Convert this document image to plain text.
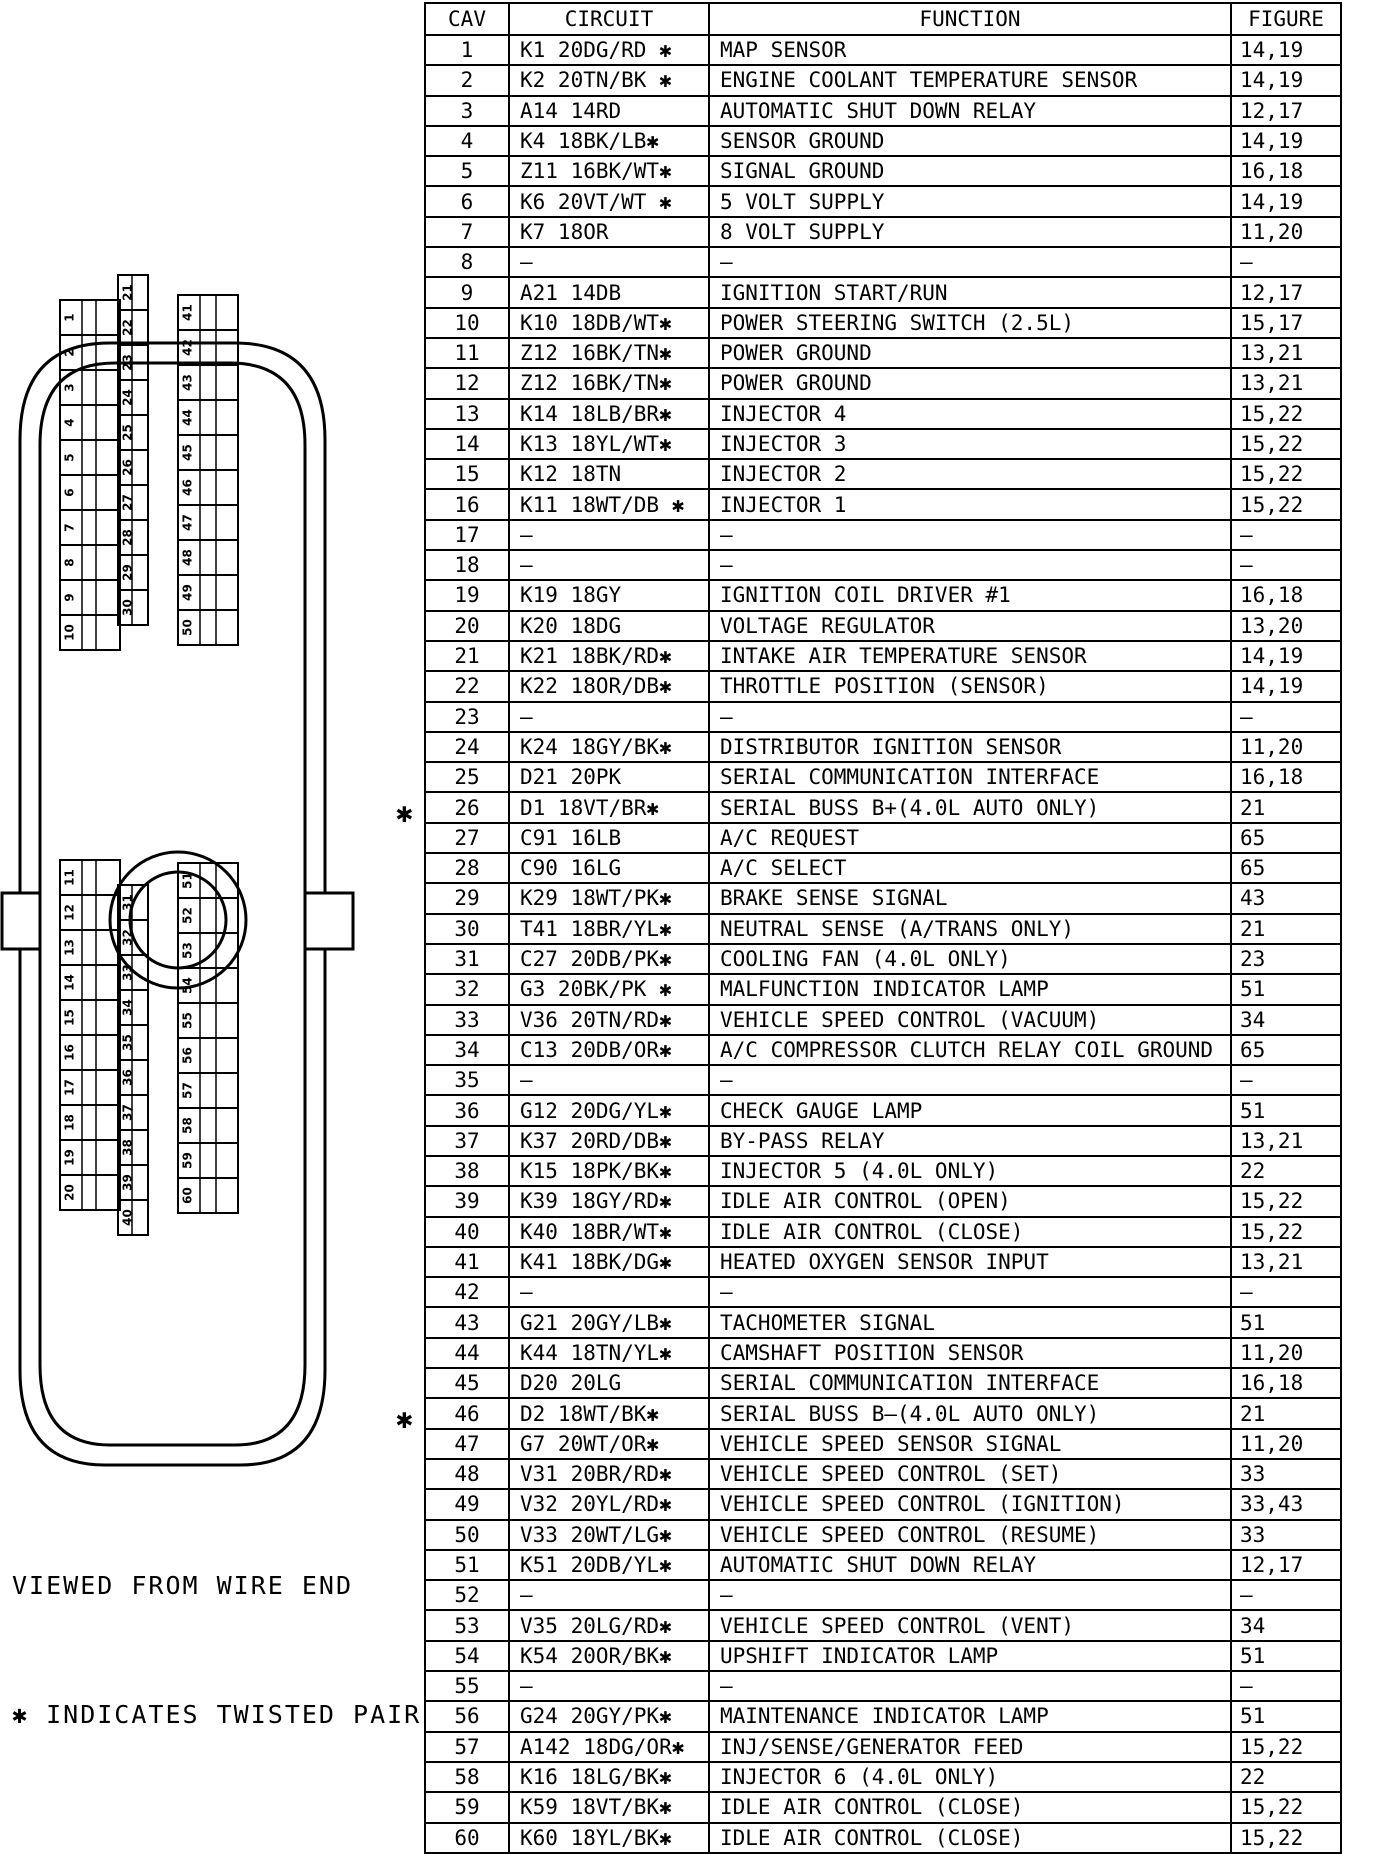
1
2
3
4
5
6
7
8
9
10
21
22
23
24
25
26
27
28
29
30
41
42
43
44
45
46
47
48
49
50
11
12
13
14
15
16
17
18
19
20
31
32
33
34
35
36
37
38
39
40
51
52
53
54
55
56
57
58
59
60
VIEWED FROM WIRE END
✱ INDICATES TWISTED PAIR
✱
✱
CAV	CIRCUIT	FUNCTION	FIGURE
1	K1 20DG/RD ✱	MAP SENSOR	14,19
2	K2 20TN/BK ✱	ENGINE COOLANT TEMPERATURE SENSOR	14,19
3	A14 14RD	AUTOMATIC SHUT DOWN RELAY	12,17
4	K4 18BK/LB✱	SENSOR GROUND	14,19
5	Z11 16BK/WT✱	SIGNAL GROUND	16,18
6	K6 20VT/WT ✱	5 VOLT SUPPLY	14,19
7	K7 18OR	8 VOLT SUPPLY	11,20
8	—	—	—
9	A21 14DB	IGNITION START/RUN	12,17
10	K10 18DB/WT✱	POWER STEERING SWITCH (2.5L)	15,17
11	Z12 16BK/TN✱	POWER GROUND	13,21
12	Z12 16BK/TN✱	POWER GROUND	13,21
13	K14 18LB/BR✱	INJECTOR 4	15,22
14	K13 18YL/WT✱	INJECTOR 3	15,22
15	K12 18TN	INJECTOR 2	15,22
16	K11 18WT/DB ✱	INJECTOR 1	15,22
17	—	—	—
18	—	—	—
19	K19 18GY	IGNITION COIL DRIVER #1	16,18
20	K20 18DG	VOLTAGE REGULATOR	13,20
21	K21 18BK/RD✱	INTAKE AIR TEMPERATURE SENSOR	14,19
22	K22 18OR/DB✱	THROTTLE POSITION (SENSOR)	14,19
23	—	—	—
24	K24 18GY/BK✱	DISTRIBUTOR IGNITION SENSOR	11,20
25	D21 20PK	SERIAL COMMUNICATION INTERFACE	16,18
26	D1 18VT/BR✱	SERIAL BUSS B+(4.0L AUTO ONLY)	21
27	C91 16LB	A/C REQUEST	65
28	C90 16LG	A/C SELECT	65
29	K29 18WT/PK✱	BRAKE SENSE SIGNAL	43
30	T41 18BR/YL✱	NEUTRAL SENSE (A/TRANS ONLY)	21
31	C27 20DB/PK✱	COOLING FAN (4.0L ONLY)	23
32	G3 20BK/PK ✱	MALFUNCTION INDICATOR LAMP	51
33	V36 20TN/RD✱	VEHICLE SPEED CONTROL (VACUUM)	34
34	C13 20DB/OR✱	A/C COMPRESSOR CLUTCH RELAY COIL GROUND	65
35	—	—	—
36	G12 20DG/YL✱	CHECK GAUGE LAMP	51
37	K37 20RD/DB✱	BY-PASS RELAY	13,21
38	K15 18PK/BK✱	INJECTOR 5 (4.0L ONLY)	22
39	K39 18GY/RD✱	IDLE AIR CONTROL (OPEN)	15,22
40	K40 18BR/WT✱	IDLE AIR CONTROL (CLOSE)	15,22
41	K41 18BK/DG✱	HEATED OXYGEN SENSOR INPUT	13,21
42	—	—	—
43	G21 20GY/LB✱	TACHOMETER SIGNAL	51
44	K44 18TN/YL✱	CAMSHAFT POSITION SENSOR	11,20
45	D20 20LG	SERIAL COMMUNICATION INTERFACE	16,18
46	D2 18WT/BK✱	SERIAL BUSS B—(4.0L AUTO ONLY)	21
47	G7 20WT/OR✱	VEHICLE SPEED SENSOR SIGNAL	11,20
48	V31 20BR/RD✱	VEHICLE SPEED CONTROL (SET)	33
49	V32 20YL/RD✱	VEHICLE SPEED CONTROL (IGNITION)	33,43
50	V33 20WT/LG✱	VEHICLE SPEED CONTROL (RESUME)	33
51	K51 20DB/YL✱	AUTOMATIC SHUT DOWN RELAY	12,17
52	—	—	—
53	V35 20LG/RD✱	VEHICLE SPEED CONTROL (VENT)	34
54	K54 20OR/BK✱	UPSHIFT INDICATOR LAMP	51
55	—	—	—
56	G24 20GY/PK✱	MAINTENANCE INDICATOR LAMP	51
57	A142 18DG/OR✱	INJ/SENSE/GENERATOR FEED	15,22
58	K16 18LG/BK✱	INJECTOR 6 (4.0L ONLY)	22
59	K59 18VT/BK✱	IDLE AIR CONTROL (CLOSE)	15,22
60	K60 18YL/BK✱	IDLE AIR CONTROL (CLOSE)	15,22
